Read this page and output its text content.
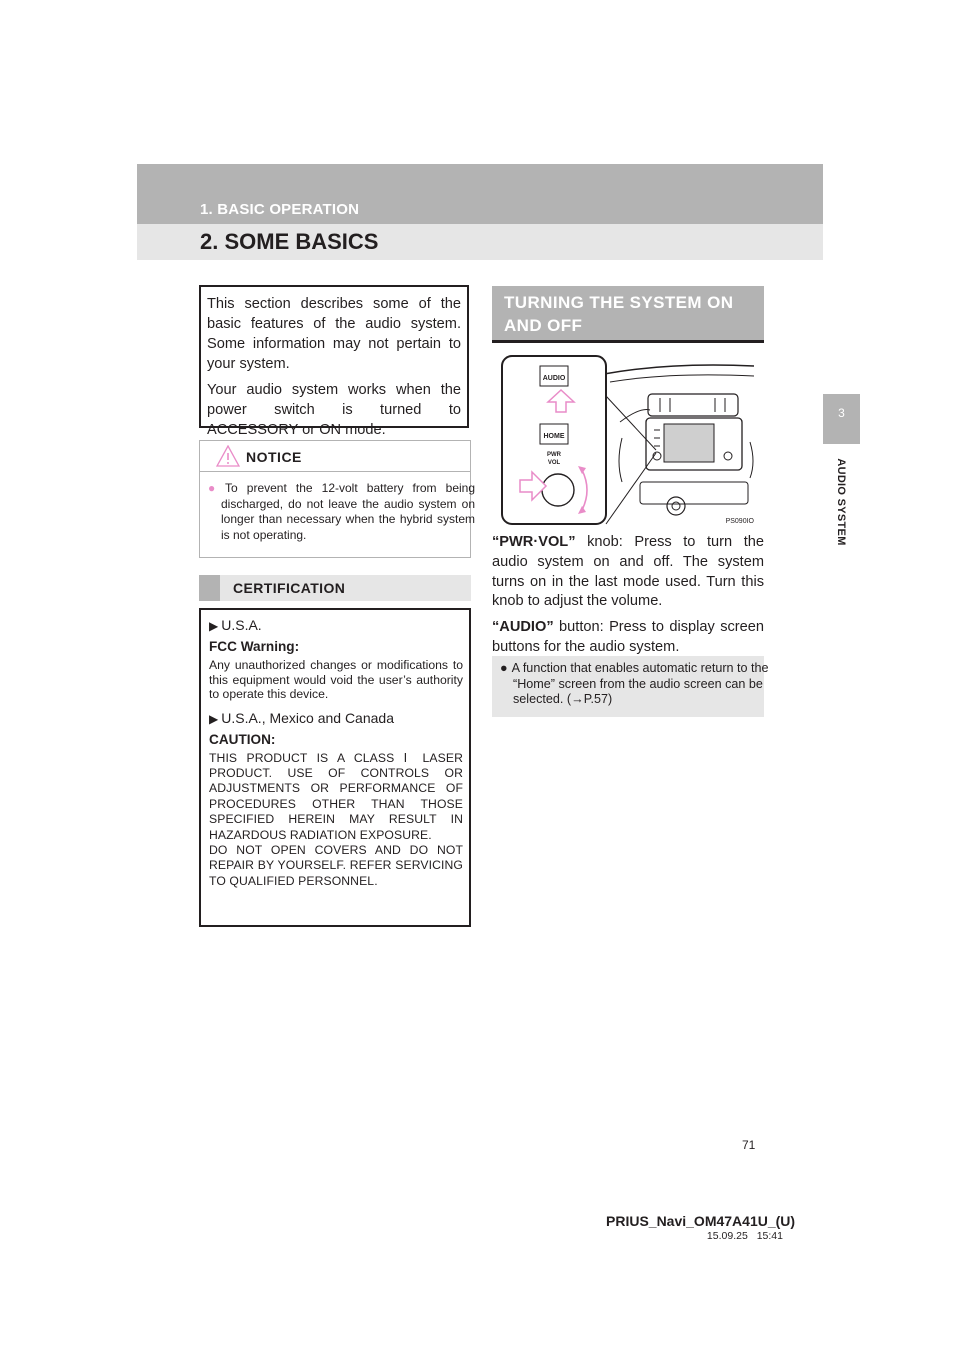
1. BASIC OPERATION
2. SOME BASICS
3
AUDIO SYSTEM

This section describes some of the basic features of the audio system. Some information may not pertain to your system.

Your audio system works when the power switch is turned to ACCESSORY or ON mode.

NOTICE
● To prevent the 12-volt battery from being discharged, do not leave the audio system on longer than necessary when the hybrid system is not operating.
CERTIFICATION
▶ U.S.A.
FCC Warning:

Any unauthorized changes or modifications to this equipment would void the user’s authority to operate this device.

▶ U.S.A., Mexico and Canada
CAUTION:

THIS PRODUCT IS A CLASS Ⅰ LASER PRODUCT. USE OF CONTROLS OR ADJUSTMENTS OR PERFORMANCE OF PROCEDURES OTHER THAN THOSE SPECIFIED HEREIN MAY RESULT IN HAZARDOUS RADIATION EXPOSURE.

DO NOT OPEN COVERS AND DO NOT REPAIR BY YOURSELF. REFER SERVICING TO QUALIFIED PERSONNEL.

TURNING THE SYSTEM ON
AND OFF
AUDIO
HOME
PWR
VOL
PS090IO

“PWR·VOL” knob: Press to turn the audio system on and off. The system turns on in the last mode used. Turn this knob to adjust the volume.

“AUDIO” button: Press to display screen buttons for the audio system.

● A function that enables automatic return to the “Home” screen from the audio screen can be selected. (→P.57)
71
PRIUS_Navi_OM47A41U_(U)
15.09.25 15:41
